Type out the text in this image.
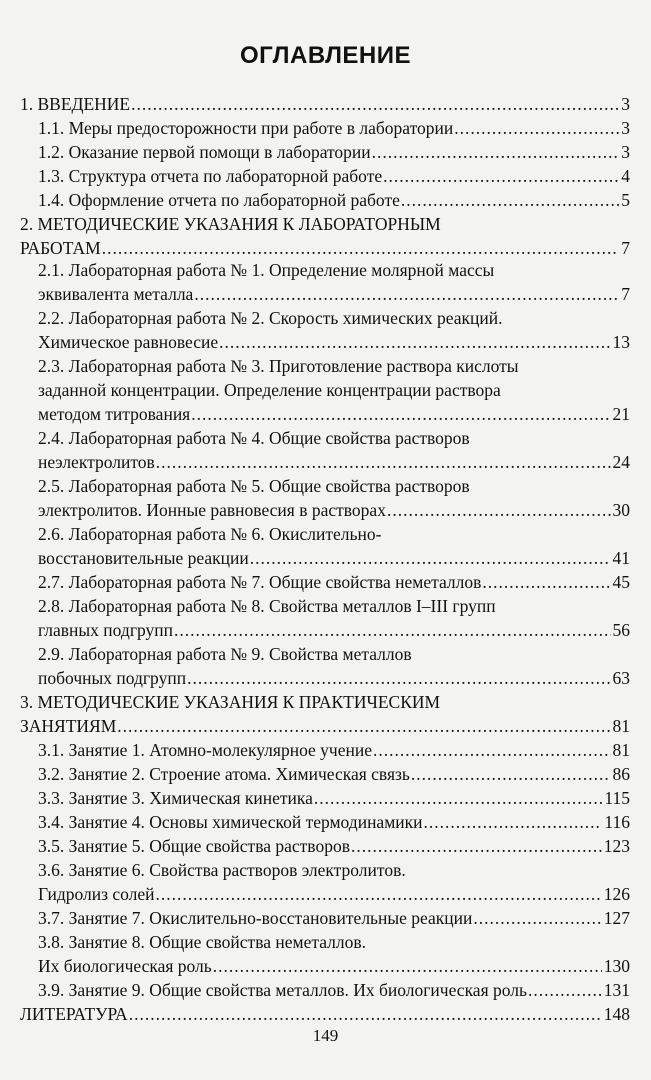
ОГЛАВЛЕНИЕ
1. ВВЕДЕНИЕ .....	3
1.1. Меры предосторожности при работе в лаборатории .....	3
1.2. Оказание первой помощи в лаборатории .....	3
1.3. Структура отчета по лабораторной работе .....	4
1.4. Оформление отчета по лабораторной работе .....	5
2. МЕТОДИЧЕСКИЕ УКАЗАНИЯ К ЛАБОРАТОРНЫМ
РАБОТАМ .....	7
2.1. Лабораторная работа № 1. Определение молярной массы
эквивалента металла .....	7
2.2. Лабораторная работа № 2. Скорость химических реакций.
Химическое равновесие .....	13
2.3. Лабораторная работа № 3. Приготовление раствора кислоты
заданной концентрации. Определение концентрации раствора
методом титрования .....	21
2.4. Лабораторная работа № 4. Общие свойства растворов
неэлектролитов .....	24
2.5. Лабораторная работа № 5. Общие свойства растворов
электролитов. Ионные равновесия в растворах .....	30
2.6. Лабораторная работа № 6. Окислительно-
восстановительные реакции .....	41
2.7. Лабораторная работа № 7. Общие свойства неметаллов .....	45
2.8. Лабораторная работа № 8. Свойства металлов I–III групп
главных подгрупп .....	56
2.9. Лабораторная работа № 9. Свойства металлов
побочных подгрупп .....	63
3. МЕТОДИЧЕСКИЕ УКАЗАНИЯ К ПРАКТИЧЕСКИМ
ЗАНЯТИЯМ .....	81
3.1. Занятие 1. Атомно-молекулярное учение .....	81
3.2. Занятие 2. Строение атома. Химическая связь .....	86
3.3. Занятие 3. Химическая кинетика .....	115
3.4. Занятие 4. Основы химической термодинамики .....	116
3.5. Занятие 5. Общие свойства растворов .....	123
3.6. Занятие 6. Свойства растворов электролитов.
Гидролиз солей .....	126
3.7. Занятие 7. Окислительно-восстановительные реакции .....	127
3.8. Занятие 8. Общие свойства неметаллов.
Их биологическая роль .....	130
3.9. Занятие 9. Общие свойства металлов. Их биологическая роль .....	131
ЛИТЕРАТУРА .....	148
149
